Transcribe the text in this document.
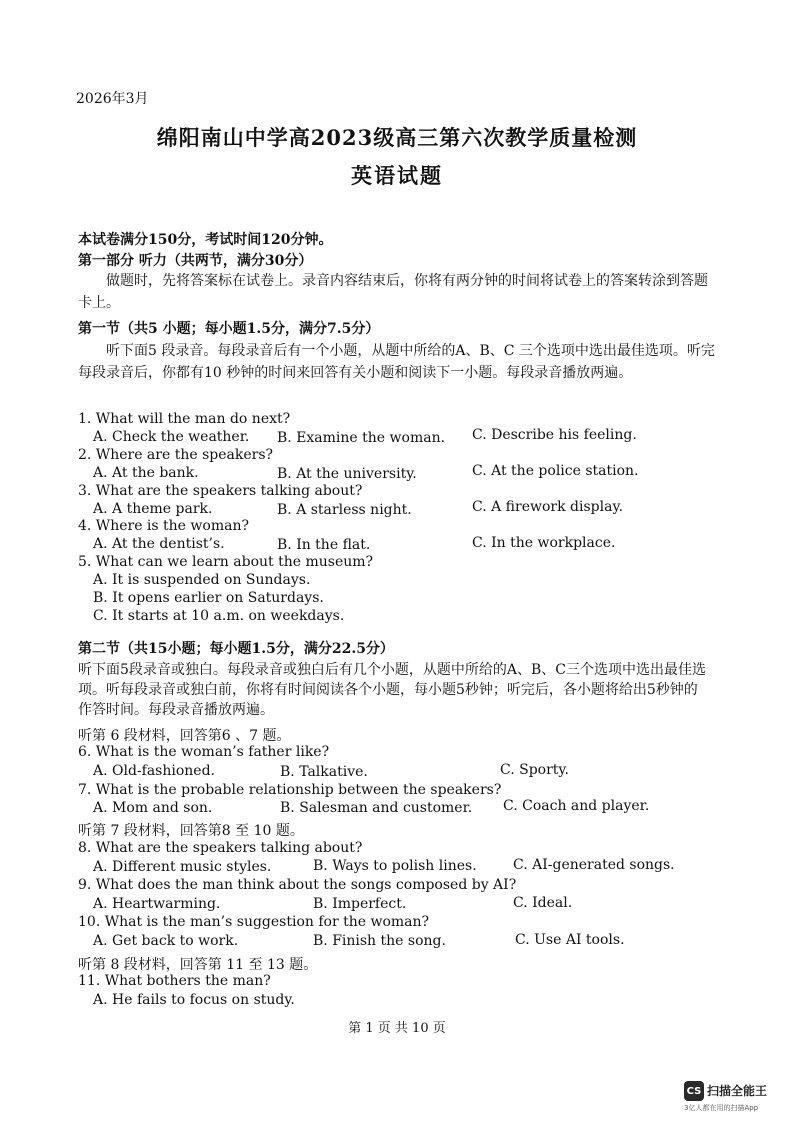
2026年3月
绵阳南山中学高2023级高三第六次教学质量检测
英语试题
本试卷满分150分，考试时间120分钟。
第一部分 听力（共两节，满分30分）
做题时，先将答案标在试卷上。录音内容结束后，你将有两分钟的时间将试卷上的答案转涂到答题卡上。
第一节（共5 小题；每小题1.5分，满分7.5分）
听下面5 段录音。每段录音后有一个小题，从题中所给的A、B、C 三个选项中选出最佳选项。听完每段录音后，你都有10 秒钟的时间来回答有关小题和阅读下一小题。每段录音播放两遍。
1. What will the man do next?
A. Check the weather. B. Examine the woman. C. Describe his feeling.
2. Where are the speakers?
A. At the bank.	B. At the university.	C. At the police station.
3. What are the speakers talking about?
A. A theme park.	B. A starless night.	C. A firework display.
4. Where is the woman?
A. At the dentist’s.	B. In the flat.	C. In the workplace.
5. What can we learn about the museum?
A. It is suspended on Sundays.
B. It opens earlier on Saturdays.
C. It starts at 10 a.m. on weekdays.
第二节（共15小题；每小题1.5分，满分22.5分）
听下面5段录音或独白。每段录音或独白后有几个小题，从题中所给的A、B、C三个选项中选出最佳选项。听每段录音或独白前，你将有时间阅读各个小题，每小题5秒钟；听完后，各小题将给出5秒钟的作答时间。每段录音播放两遍。
听第 6 段材料，回答第6 、7 题。
6. What is the woman’s father like?
A. Old-fashioned.	B. Talkative.	C. Sporty.
7. What is the probable relationship between the speakers?
A. Mom and son.	B. Salesman and customer. C. Coach and player.
听第 7 段材料，回答第8 至 10 题。
8. What are the speakers talking about?
A. Different music styles.	B. Ways to polish lines.	C. AI-generated songs.
9. What does the man think about the songs composed by AI?
A. Heartwarming.	B. Imperfect.	C. Ideal.
10. What is the man’s suggestion for the woman?
A. Get back to work.	B. Finish the song.	C. Use AI tools.
听第 8 段材料，回答第 11 至 13 题。
11. What bothers the man?
A. He fails to focus on study.
第 1 页 共 10 页
CS 扫描全能王
3亿人都在用的扫描App
